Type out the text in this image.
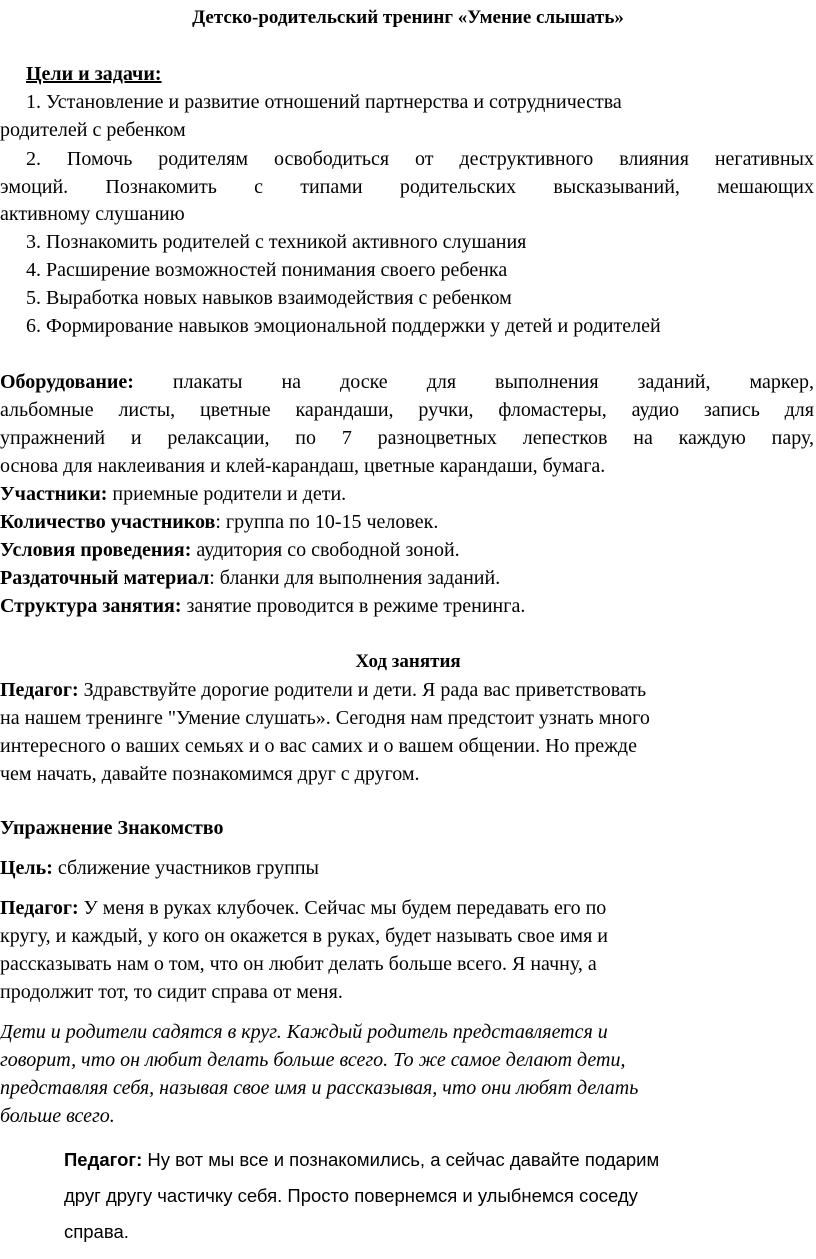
Детско-родительский тренинг «Умение слышать»
Цели и задачи:
1. Установление и развитие отношений партнерства и сотрудничества
родителей с ребенком
2. Помочь родителям освободиться от деструктивного влияния негативных
эмоций. Познакомить с типами родительских высказываний, мешающих
активному слушанию
3. Познакомить родителей с техникой активного слушания
4. Расширение возможностей понимания своего ребенка
5. Выработка новых навыков взаимодействия с ребенком
6. Формирование навыков эмоциональной поддержки у детей и родителей
Оборудование: плакаты на доске для выполнения заданий, маркер,
альбомные листы, цветные карандаши, ручки, фломастеры, аудио запись для
упражнений и релаксации, по 7 разноцветных лепестков на каждую пару,
основа для наклеивания и клей-карандаш, цветные карандаши, бумага.
Участники: приемные родители и дети.
Количество участников: группа по 10-15 человек.
Условия проведения: аудитория со свободной зоной.
Раздаточный материал: бланки для выполнения заданий.
Структура занятия: занятие проводится в режиме тренинга.
Ход занятия
Педагог: Здравствуйте дорогие родители и дети. Я рада вас приветствовать
на нашем тренинге "Умение слушать». Сегодня нам предстоит узнать много
интересного о ваших семьях и о вас самих и о вашем общении. Но прежде
чем начать, давайте познакомимся друг с другом.
Упражнение Знакомство
Цель: сближение участников группы
Педагог: У меня в руках клубочек. Сейчас мы будем передавать его по
кругу, и каждый, у кого он окажется в руках, будет называть свое имя и
рассказывать нам о том, что он любит делать больше всего. Я начну, а
продолжит тот, то сидит справа от меня.
Дети и родители садятся в круг. Каждый родитель представляется и
говорит, что он любит делать больше всего. То же самое делают дети,
представляя себя, называя свое имя и рассказывая, что они любят делать
больше всего.
Педагог: Ну вот мы все и познакомились, а сейчас давайте подарим
друг другу частичку себя. Просто повернемся и улыбнемся соседу
справа.
